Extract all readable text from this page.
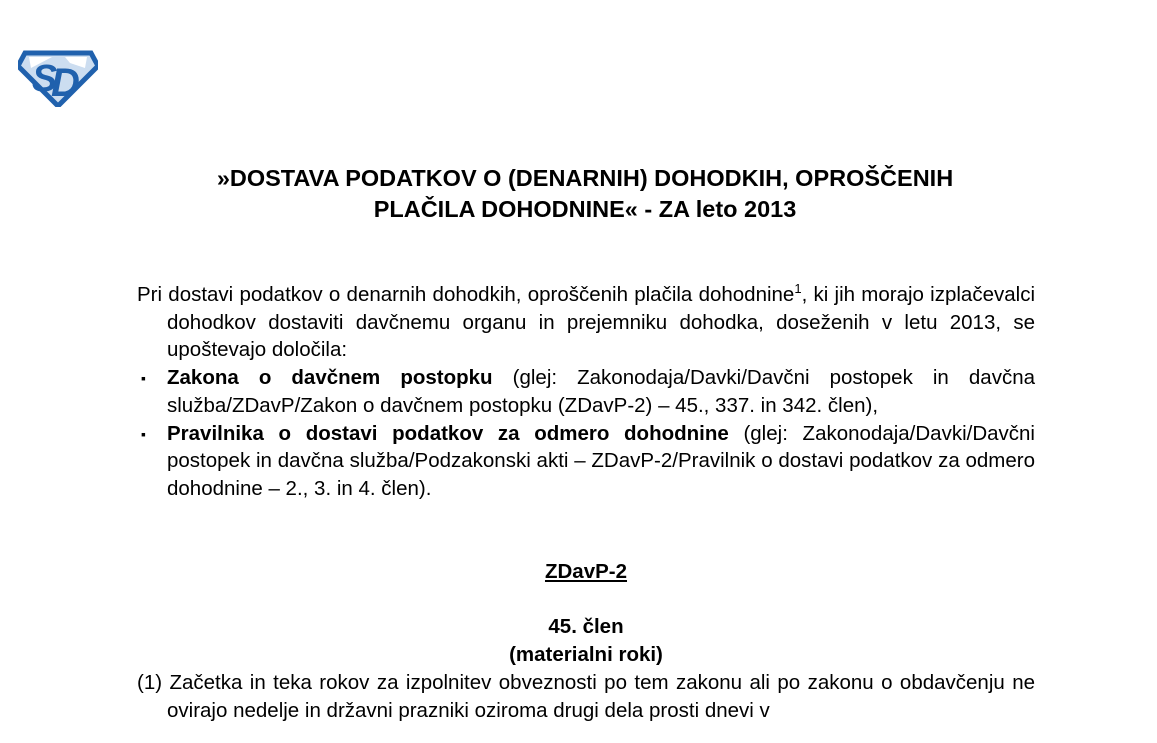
S
D
»DOSTAVA PODATKOV O (DENARNIH) DOHODKIH, OPROŠČENIH
PLAČILA DOHODNINE« - ZA leto 2013

Pri dostavi podatkov o denarnih dohodkih, oproščenih plačila dohodnine$^1$, ki jih morajo izplačevalci dohodkov dostaviti davčnemu organu in prejemniku dohodka, doseženih v letu 2013, se upoštevajo določila:

▪ Zakona o davčnem postopku (glej: Zakonodaja/Davki/Davčni postopek in davčna služba/ZDavP/Zakon o davčnem postopku (ZDavP-2) – 45., 337. in 342. člen),
▪ Pravilnika o dostavi podatkov za odmero dohodnine (glej: Zakonodaja/Davki/Davčni postopek in davčna služba/Podzakonski akti – ZDavP-2/Pravilnik o dostavi podatkov za odmero dohodnine – 2., 3. in 4. člen).

ZDavP-2

45. člen

(materialni roki)

(1) Začetka in teka rokov za izpolnitev obveznosti po tem zakonu ali po zakonu o obdavčenju ne ovirajo nedelje in državni prazniki oziroma drugi dela prosti dnevi v
